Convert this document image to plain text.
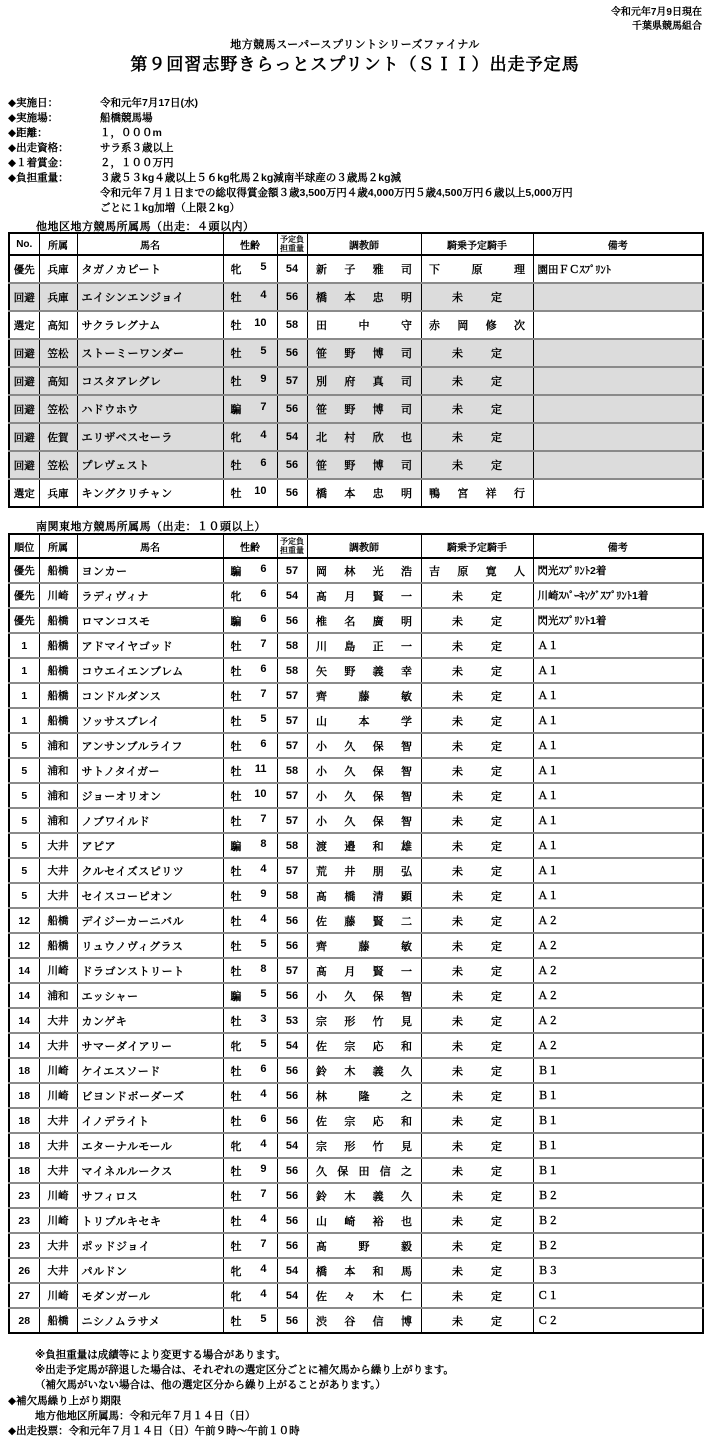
令和元年7月9日現在
千葉県競馬組合
地方競馬スーパースプリントシリーズファイナル
第９回習志野きらっとスプリント（ＳＩＩ）出走予定馬
◆実施日：	令和元年7月17日(水)
◆実施場：	船橋競馬場
◆距離：	１，０００m
◆出走資格：	サラ系３歳以上
◆１着賞金：	２，１００万円
◆負担重量：	３歳５３kg４歳以上５６kg牝馬２kg減南半球産の３歳馬２kg減
令和元年７月１日までの総収得賞金額３歳3,500万円４歳4,000万円５歳4,500万円６歳以上5,000万円
ごとに１kg加増（上限２kg）
他地区地方競馬所属馬（出走：４頭以内）
No.	所属	馬名	性齢	予定負担重量	調教師	騎乗予定騎手	備考
優先	兵庫	タガノカピート	牝 5	54	新 子 雅 司	下 原 理	園田ＦＣｽﾌﾟﾘﾝﾄ
回避	兵庫	エイシンエンジョイ	牡 4	56	橋 本 忠 明	未 定	

選定	高知	サクラレグナム	牡 10	58	田 中 守	赤 岡 修 次	

回避	笠松	ストーミーワンダー	牡 5	56	笹 野 博 司	未 定	

回避	高知	コスタアレグレ	牡 9	57	別 府 真 司	未 定	

回避	笠松	ハドウホウ	騙 7	56	笹 野 博 司	未 定	

回避	佐賀	エリザベスセーラ	牝 4	54	北 村 欣 也	未 定	

回避	笠松	プレヴェスト	牡 6	56	笹 野 博 司	未 定	

選定	兵庫	キングクリチャン	牡 10	56	橋 本 忠 明	鴨 宮 祥 行	

南関東地方競馬所属馬（出走：１０頭以上）
順位	所属	馬名	性齢	予定負担重量	調教師	騎乗予定騎手	備考
優先	船橋	ヨンカー	騙 6	57	岡 林 光 浩	吉 原 寛 人	閃光ｽﾌﾟﾘﾝﾄ2着
優先	川崎	ラディヴィナ	牝 6	54	髙 月 賢 一	未 定	川崎ｽﾊﾟｰｷﾝｸﾞｽﾌﾟﾘﾝﾄ1着
優先	船橋	ロマンコスモ	騙 6	56	椎 名 廣 明	未 定	閃光ｽﾌﾟﾘﾝﾄ1着
1	船橋	アドマイヤゴッド	牡 7	58	川 島 正 一	未 定	Ａ１
1	船橋	コウエイエンブレム	牡 6	58	矢 野 義 幸	未 定	Ａ１
1	船橋	コンドルダンス	牡 7	57	齊 藤 敏	未 定	Ａ１
1	船橋	ソッサスブレイ	牡 5	57	山 本 学	未 定	Ａ１
5	浦和	アンサンブルライフ	牡 6	57	小 久 保 智	未 定	Ａ１
5	浦和	サトノタイガー	牡 11	58	小 久 保 智	未 定	Ａ１
5	浦和	ジョーオリオン	牡 10	57	小 久 保 智	未 定	Ａ１
5	浦和	ノブワイルド	牡 7	57	小 久 保 智	未 定	Ａ１
5	大井	アピア	騙 8	58	渡 邉 和 雄	未 定	Ａ１
5	大井	クルセイズスピリツ	牡 4	57	荒 井 朋 弘	未 定	Ａ１
5	大井	セイスコーピオン	牡 9	58	髙 橋 清 顕	未 定	Ａ１
12	船橋	デイジーカーニバル	牡 4	56	佐 藤 賢 二	未 定	Ａ２
12	船橋	リュウノヴィグラス	牡 5	56	齊 藤 敏	未 定	Ａ２
14	川崎	ドラゴンストリート	牡 8	57	髙 月 賢 一	未 定	Ａ２
14	浦和	エッシャー	騙 5	56	小 久 保 智	未 定	Ａ２
14	大井	カンゲキ	牡 3	53	宗 形 竹 見	未 定	Ａ２
14	大井	サマーダイアリー	牝 5	54	佐 宗 応 和	未 定	Ａ２
18	川崎	ケイエスソード	牡 6	56	鈴 木 義 久	未 定	Ｂ１
18	川崎	ビヨンドボーダーズ	牡 4	56	林 隆 之	未 定	Ｂ１
18	大井	イノデライト	牡 6	56	佐 宗 応 和	未 定	Ｂ１
18	大井	エターナルモール	牝 4	54	宗 形 竹 見	未 定	Ｂ１
18	大井	マイネルルークス	牡 9	56	久 保 田 信 之	未 定	Ｂ１
23	川崎	サフィロス	牡 7	56	鈴 木 義 久	未 定	Ｂ２
23	川崎	トリプルキセキ	牡 4	56	山 崎 裕 也	未 定	Ｂ２
23	大井	ポッドジョイ	牡 7	56	髙 野 毅	未 定	Ｂ２
26	大井	パルドン	牝 4	54	橋 本 和 馬	未 定	Ｂ３
27	川崎	モダンガール	牝 4	54	佐 々 木 仁	未 定	Ｃ１
28	船橋	ニシノムラサメ	牡 5	56	渋 谷 信 博	未 定	Ｃ２
※負担重量は成績等により変更する場合があります。
※出走予定馬が辞退した場合は、それぞれの選定区分ごとに補欠馬から繰り上がります。
（補欠馬がいない場合は、他の選定区分から繰り上がることがあります。）
◆補欠馬繰り上がり期限
地方他地区所属馬：令和元年７月１４日（日）
◆出走投票：令和元年７月１４日（日）午前９時～午前１０時
